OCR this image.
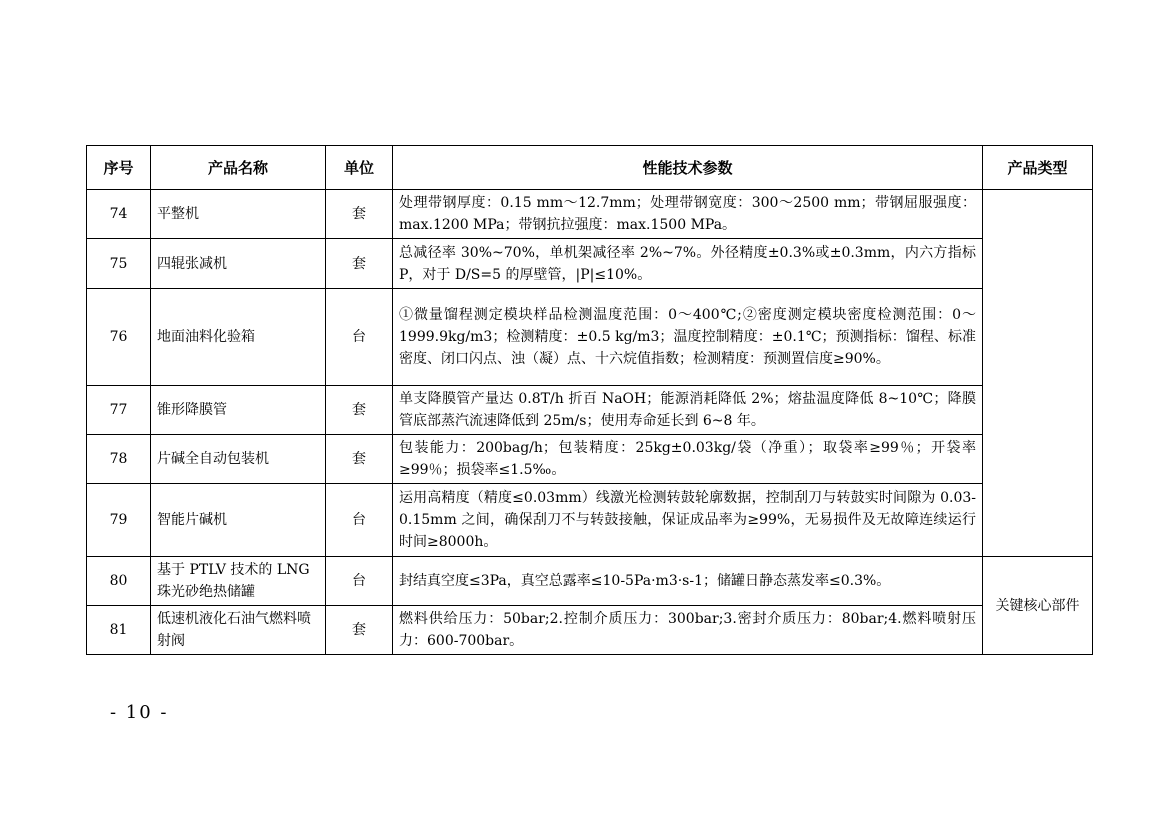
序号	产品名称	单位	性能技术参数	产品类型
74	平整机	套	处理带钢厚度：0.15 mm～12.7mm；处理带钢宽度：300～2500 mm；带钢屈服强度：max.1200 MPa；带钢抗拉强度：max.1500 MPa。	
75	四辊张减机	套	总减径率 30%~70%，单机架减径率 2%~7%。外径精度±0.3%或±0.3mm，内六方指标 P，对于 D/S=5 的厚壁管，|P|≤10%。	
76	地面油料化验箱	台	①微量馏程测定模块样品检测温度范围：0～400℃;②密度测定模块密度检测范围：0～1999.9kg/m3；检测精度：±0.5 kg/m3；温度控制精度：±0.1℃；预测指标：馏程、标准密度、闭口闪点、浊（凝）点、十六烷值指数；检测精度：预测置信度≥90%。	
77	锥形降膜管	套	单支降膜管产量达 0.8T/h 折百 NaOH；能源消耗降低 2%；熔盐温度降低 8~10℃；降膜管底部蒸汽流速降低到 25m/s；使用寿命延长到 6~8 年。	
78	片碱全自动包装机	套	包装能力：200bag/h；包装精度：25kg±0.03kg/袋（净重）；取袋率≥99％；开袋率≥99％；损袋率≤1.5‰。	
79	智能片碱机	台	运用高精度（精度≤0.03mm）线激光检测转鼓轮廓数据，控制刮刀与转鼓实时间隙为 0.03-0.15mm 之间，确保刮刀不与转鼓接触，保证成品率为≥99%，无易损件及无故障连续运行时间≥8000h。	
80	基于 PTLV 技术的 LNG 珠光砂绝热储罐	台	封结真空度≤3Pa，真空总露率≤10-5Pa·m3·s-1；储罐日静态蒸发率≤0.3%。	关键核心部件
81	低速机液化石油气燃料喷射阀	套	燃料供给压力：50bar;2.控制介质压力：300bar;3.密封介质压力：80bar;4.燃料喷射压力：600-700bar。	
- 10 -
